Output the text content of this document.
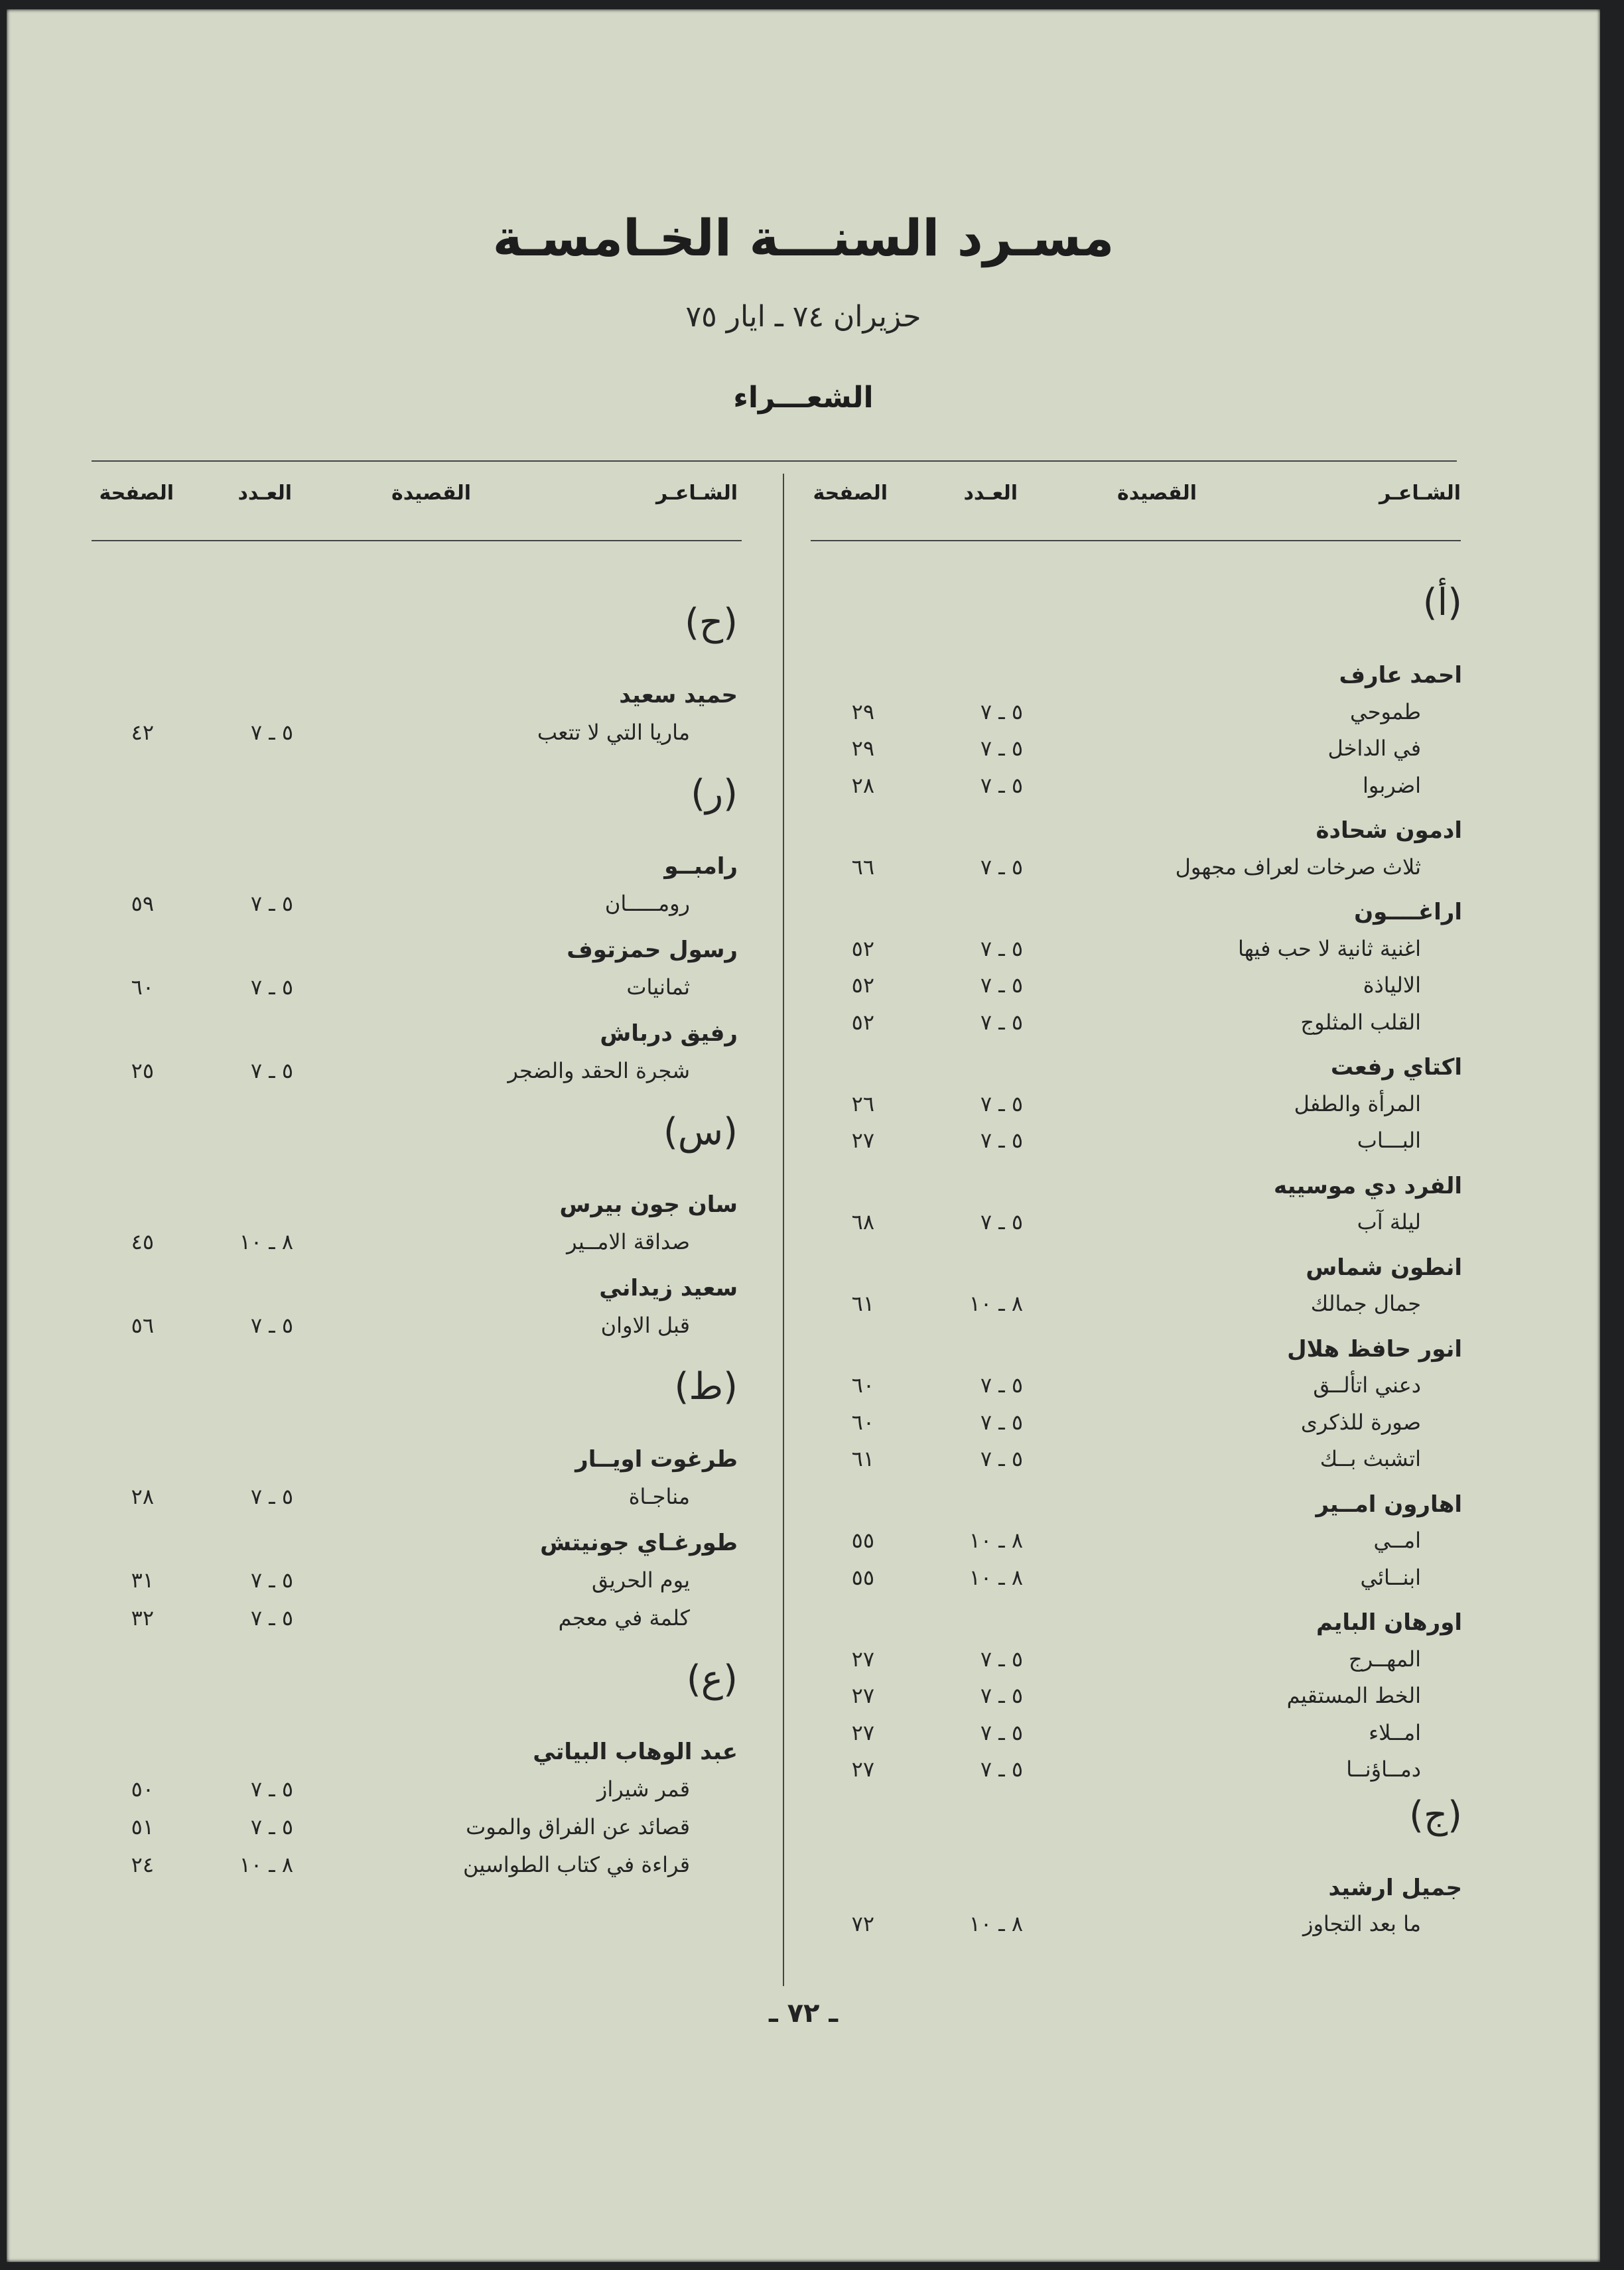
مسـرد السنـــة الخـامسـة
حزيران ٧٤ ـ ايار ٧٥
الشعـــراء
الشـاعـر
القصيدة
العـدد
الصفحة
الشـاعـر
القصيدة
العـدد
الصفحة
(أ)
احمد عارف
طموحي
٥ ـ ٧
٢٩
في الداخل
٥ ـ ٧
٢٩
اضربوا
٥ ـ ٧
٢٨
ادمون شحادة
ثلاث صرخات لعراف مجهول
٥ ـ ٧
٦٦
اراغــــون
اغنية ثانية لا حب فيها
٥ ـ ٧
٥٢
الالياذة
٥ ـ ٧
٥٢
القلب المثلوج
٥ ـ ٧
٥٢
اكتاي رفعت
المرأة والطفل
٥ ـ ٧
٢٦
البـــاب
٥ ـ ٧
٢٧
الفرد دي موسييه
ليلة آب
٥ ـ ٧
٦٨
انطون شماس
جمال جمالك
٨ ـ ١٠
٦١
انور حافظ هلال
دعني اتألــق
٥ ـ ٧
٦٠
صورة للذكرى
٥ ـ ٧
٦٠
اتشبث بــك
٥ ـ ٧
٦١
اهارون امــير
امــي
٨ ـ ١٠
٥٥
ابنــائي
٨ ـ ١٠
٥٥
اورهان البايم
المهــرج
٥ ـ ٧
٢٧
الخط المستقيم
٥ ـ ٧
٢٧
امــلاء
٥ ـ ٧
٢٧
دمــاؤنــا
٥ ـ ٧
٢٧
(ج)
جميل ارشيد
ما بعد التجاوز
٨ ـ ١٠
٧٢
(ح)
حميد سعيد
ماريا التي لا تتعب
٥ ـ ٧
٤٢
(ر)
رامبــو
رومـــــان
٥ ـ ٧
٥٩
رسول حمزتوف
ثمانيات
٥ ـ ٧
٦٠
رفيق درباش
شجرة الحقد والضجر
٥ ـ ٧
٢٥
(س)
سان جون بيرس
صداقة الامــير
٨ ـ ١٠
٤٥
سعيد زيداني
قبل الاوان
٥ ـ ٧
٥٦
(ط)
طرغوت اويــار
مناجـاة
٥ ـ ٧
٢٨
طورغـاي جونيتش
يوم الحريق
٥ ـ ٧
٣١
كلمة في معجم
٥ ـ ٧
٣٢
(ع)
عبد الوهاب البياتي
قمر شيراز
٥ ـ ٧
٥٠
قصائد عن الفراق والموت
٥ ـ ٧
٥١
قراءة في كتاب الطواسين
٨ ـ ١٠
٢٤
ـ ٧٢ ـ
